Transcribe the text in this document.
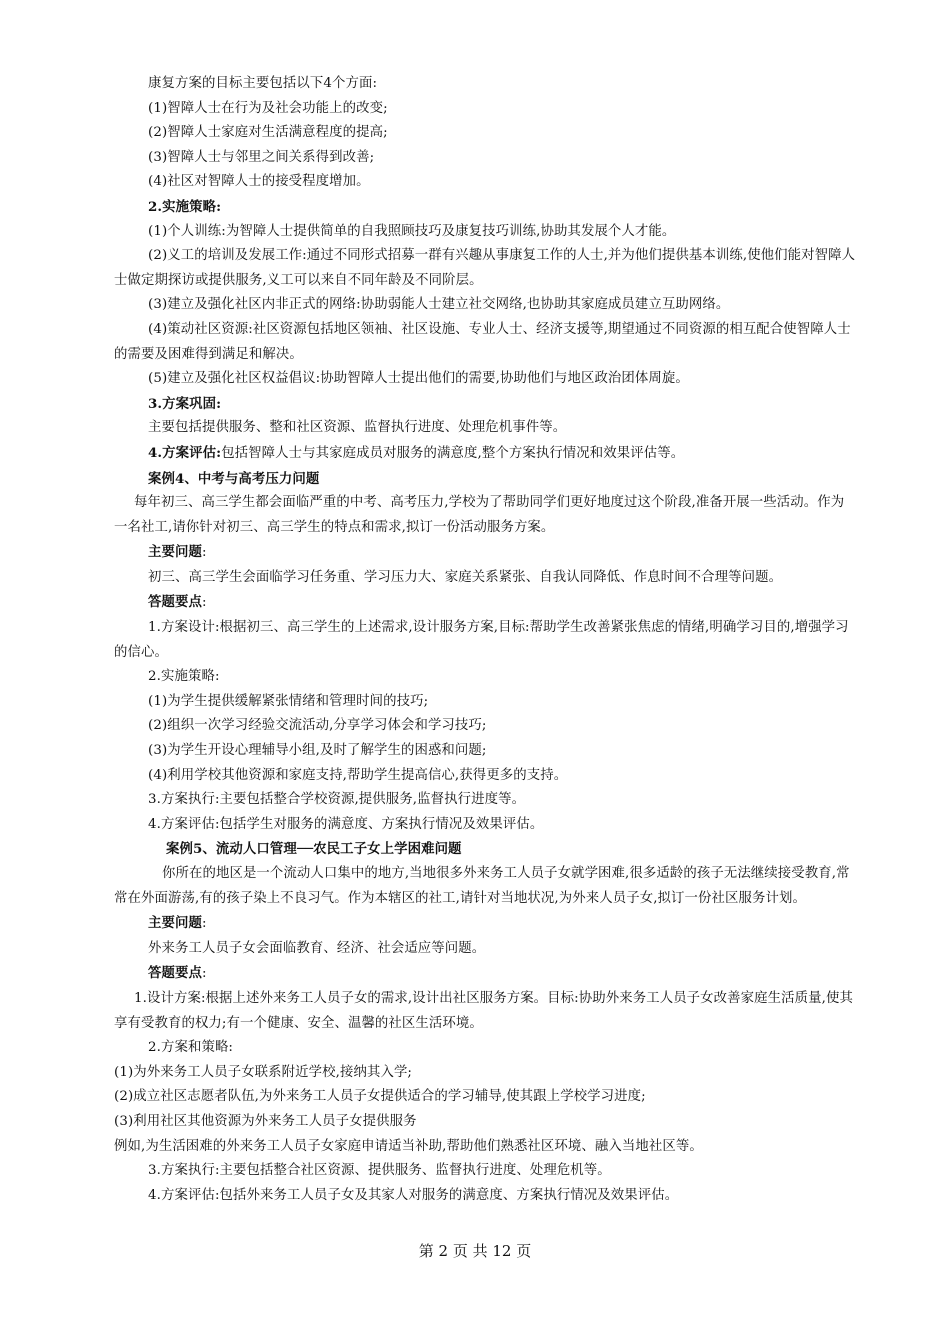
康复方案的目标主要包括以下4个方面:

(1)智障人士在行为及社会功能上的改变;

(2)智障人士家庭对生活满意程度的提高;

(3)智障人士与邻里之间关系得到改善;

(4)社区对智障人士的接受程度增加。

2.实施策略:

(1)个人训练:为智障人士提供简单的自我照顾技巧及康复技巧训练,协助其发展个人才能。

(2)义工的培训及发展工作:通过不同形式招募一群有兴趣从事康复工作的人士,并为他们提供基本训练,使他们能对智障人士做定期探访或提供服务,义工可以来自不同年龄及不同阶层。

(3)建立及强化社区内非正式的网络:协助弱能人士建立社交网络,也协助其家庭成员建立互助网络。

(4)策动社区资源:社区资源包括地区领袖、社区设施、专业人士、经济支援等,期望通过不同资源的相互配合使智障人士的需要及困难得到满足和解决。

(5)建立及强化社区权益倡议:协助智障人士提出他们的需要,协助他们与地区政治团体周旋。

3.方案巩固:

主要包括提供服务、整和社区资源、监督执行进度、处理危机事件等。

4.方案评估:包括智障人士与其家庭成员对服务的满意度,整个方案执行情况和效果评估等。

案例4、中考与高考压力问题

每年初三、高三学生都会面临严重的中考、高考压力,学校为了帮助同学们更好地度过这个阶段,准备开展一些活动。作为一名社工,请你针对初三、高三学生的特点和需求,拟订一份活动服务方案。

主要问题:

初三、高三学生会面临学习任务重、学习压力大、家庭关系紧张、自我认同降低、作息时间不合理等问题。

答题要点:

1.方案设计:根据初三、高三学生的上述需求,设计服务方案,目标:帮助学生改善紧张焦虑的情绪,明确学习目的,增强学习的信心。

2.实施策略:

(1)为学生提供缓解紧张情绪和管理时间的技巧;

(2)组织一次学习经验交流活动,分享学习体会和学习技巧;

(3)为学生开设心理辅导小组,及时了解学生的困惑和问题;

(4)利用学校其他资源和家庭支持,帮助学生提高信心,获得更多的支持。

3.方案执行:主要包括整合学校资源,提供服务,监督执行进度等。

4.方案评估:包括学生对服务的满意度、方案执行情况及效果评估。

案例5、流动人口管理──农民工子女上学困难问题

你所在的地区是一个流动人口集中的地方,当地很多外来务工人员子女就学困难,很多适龄的孩子无法继续接受教育,常常在外面游荡,有的孩子染上不良习气。作为本辖区的社工,请针对当地状况,为外来人员子女,拟订一份社区服务计划。

主要问题:

外来务工人员子女会面临教育、经济、社会适应等问题。

答题要点:

1.设计方案:根据上述外来务工人员子女的需求,设计出社区服务方案。目标:协助外来务工人员子女改善家庭生活质量,使其享有受教育的权力;有一个健康、安全、温馨的社区生活环境。

2.方案和策略:

(1)为外来务工人员子女联系附近学校,接纳其入学;

(2)成立社区志愿者队伍,为外来务工人员子女提供适合的学习辅导,使其跟上学校学习进度;

(3)利用社区其他资源为外来务工人员子女提供服务

例如,为生活困难的外来务工人员子女家庭申请适当补助,帮助他们熟悉社区环境、融入当地社区等。

3.方案执行:主要包括整合社区资源、提供服务、监督执行进度、处理危机等。

4.方案评估:包括外来务工人员子女及其家人对服务的满意度、方案执行情况及效果评估。

第 2 页 共 12 页
